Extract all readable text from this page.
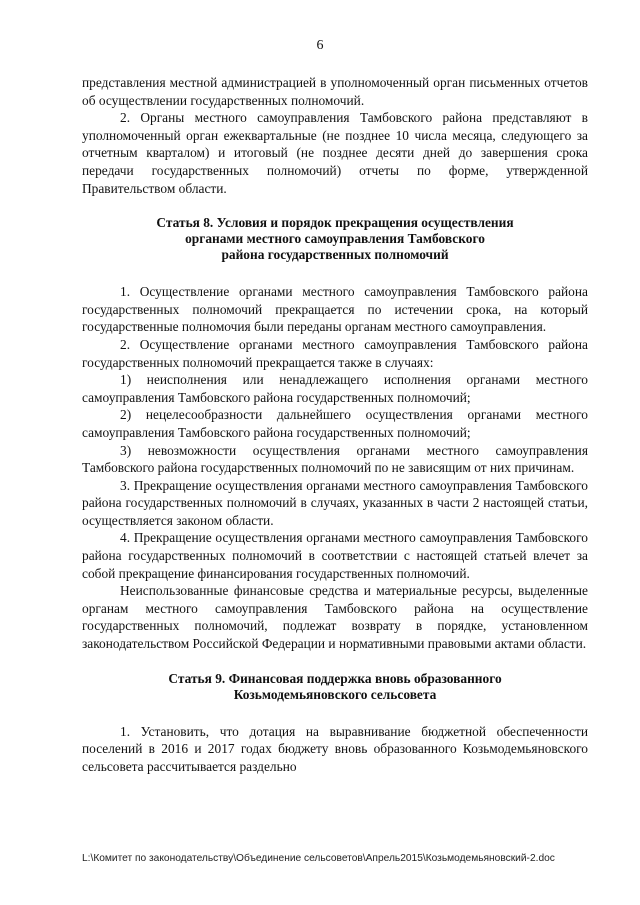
6

представления местной администрацией в уполномоченный орган письменных отчетов об осуществлении государственных полномочий.

2. Органы местного самоуправления Тамбовского района представляют в уполномоченный орган ежеквартальные (не позднее 10 числа месяца, следующего за отчетным кварталом) и итоговый (не позднее десяти дней до завершения срока передачи государственных полномочий) отчеты по форме, утвержденной Правительством области.

Статья 8. Условия и порядок прекращения осуществления

органами местного самоуправления Тамбовского

района государственных полномочий

1. Осуществление органами местного самоуправления Тамбовского района государственных полномочий прекращается по истечении срока, на который государственные полномочия были переданы органам местного самоуправления.

2. Осуществление органами местного самоуправления Тамбовского района государственных полномочий прекращается также в случаях:

1) неисполнения или ненадлежащего исполнения органами местного самоуправления Тамбовского района государственных полномочий;

2) нецелесообразности дальнейшего осуществления органами местного самоуправления Тамбовского района государственных полномочий;

3) невозможности осуществления органами местного самоуправления Тамбовского района государственных полномочий по не зависящим от них причинам.

3. Прекращение осуществления органами местного самоуправления Тамбовского района государственных полномочий в случаях, указанных в части 2 настоящей статьи, осуществляется законом области.

4. Прекращение осуществления органами местного самоуправления Тамбовского района государственных полномочий в соответствии с настоящей статьей влечет за собой прекращение финансирования государственных полномочий.

Неиспользованные финансовые средства и материальные ресурсы, выделенные органам местного самоуправления Тамбовского района на осуществление государственных полномочий, подлежат возврату в порядке, установленном законодательством Российской Федерации и нормативными правовыми актами области.

Статья 9. Финансовая поддержка вновь образованного

Козьмодемьяновского сельсовета

1. Установить, что дотация на выравнивание бюджетной обеспеченности поселений в 2016 и 2017 годах бюджету вновь образованного Козьмодемьяновского сельсовета рассчитывается раздельно

L:\Комитет по законодательству\Объединение сельсоветов\Апрель2015\Козьмодемьяновский-2.doc
